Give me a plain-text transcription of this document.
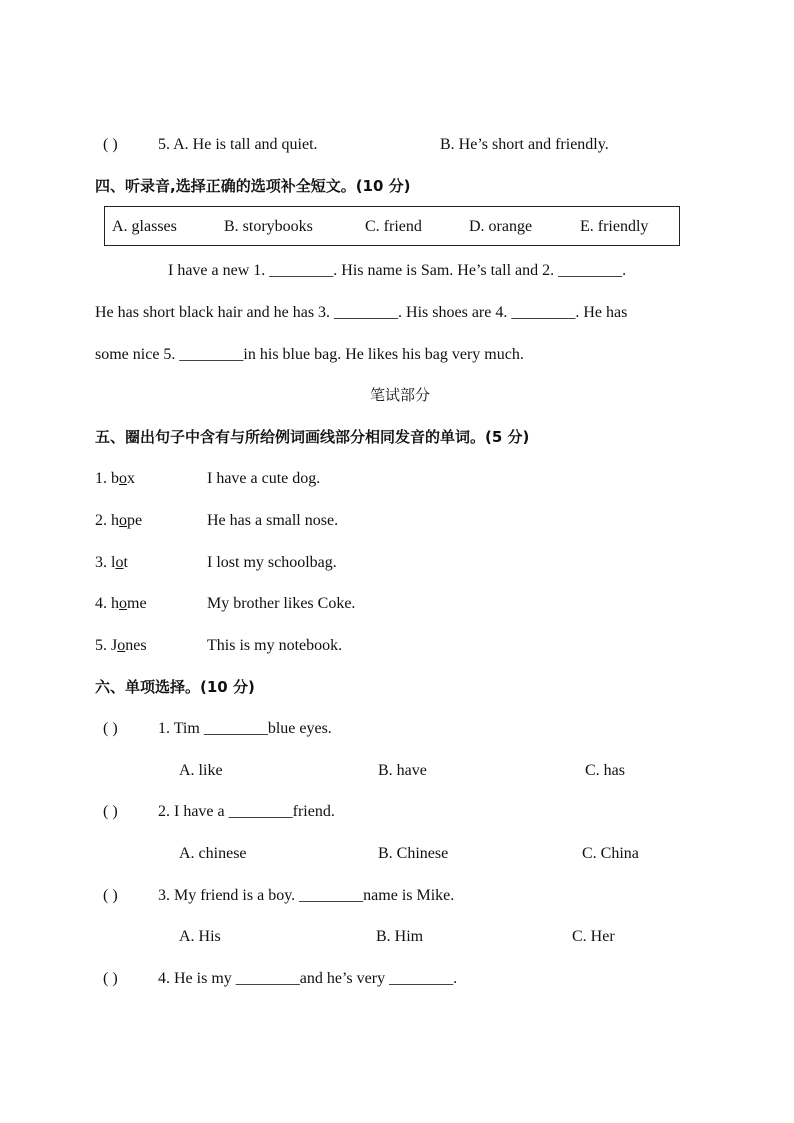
( )	5. A. He is tall and quiet.	B. He’s short and friendly.
四、听录音,选择正确的选项补全短文。(10 分)
A. glasses	B. storybooks	C. friend	D. orange	E. friendly
I have a new 1. ________. His name is Sam. He’s tall and 2. ________.
He has short black hair and he has 3. ________. His shoes are 4. ________. He has
some nice 5. ________in his blue bag. He likes his bag very much.
笔试部分
五、圈出句子中含有与所给例词画线部分相同发音的单词。(5 分)
1. box	I have a cute dog.
2. hope	He has a small nose.
3. lot	I lost my schoolbag.
4. home	My brother likes Coke.
5. Jones	This is my notebook.
六、单项选择。(10 分)
( )	1. Tim ________blue eyes.
A. like	B. have	C. has
( )	2. I have a ________friend.
A. chinese	B. Chinese	C. China
( )	3. My friend is a boy. ________name is Mike.
A. His	B. Him	C. Her
( )	4. He is my ________and he’s very ________.
